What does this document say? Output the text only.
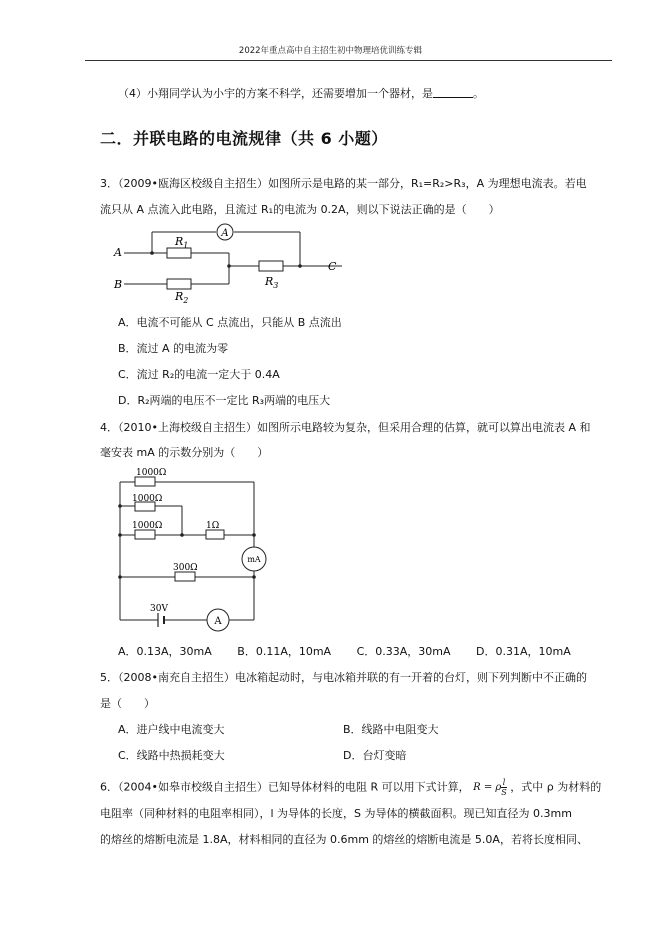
2022年重点高中自主招生初中物理培优训练专辑
（4）小翔同学认为小宇的方案不科学，还需要增加一个器材，是	。
二．并联电路的电流规律（共 6 小题）
3．（2009•瓯海区校级自主招生）如图所示是电路的某一部分，R₁=R₂>R₃，A 为理想电流表。若电
流只从 A 点流入此电路，且流过 R₁的电流为 0.2A，则以下说法正确的是（　　）
A
A
B
C
$R_1$
$R_2$
$R_3$
A．电流不可能从 C 点流出，只能从 B 点流出
B．流过 A 的电流为零
C．流过 R₂的电流一定大于 0.4A
D．R₂两端的电压不一定比 R₃两端的电压大
4．（2010•上海校级自主招生）如图所示电路较为复杂，但采用合理的估算，就可以算出电流表 A 和
毫安表 mA 的示数分别为（　　）
1000Ω
1000Ω
1000Ω	1Ω
300Ω
30V
mA
A
A．0.13A，30mA B．0.11A，10mA C．0.33A，30mA D．0.31A，10mA
5．（2008•南充自主招生）电冰箱起动时，与电冰箱并联的有一开着的台灯，则下列判断中不正确的
是（　　）
A．进户线中电流变大	B．线路中电阻变大
C．线路中热损耗变大	D．台灯变暗
6．（2004•如皋市校级自主招生）已知导体材料的电阻 R 可以用下式计算， R = ρ $\frac{l}{S}$ ，式中 ρ 为材料的
电阻率（同种材料的电阻率相同），l 为导体的长度，S 为导体的横截面积。现已知直径为 0.3mm
的熔丝的熔断电流是 1.8A，材料相同的直径为 0.6mm 的熔丝的熔断电流是 5.0A，若将长度相同、
